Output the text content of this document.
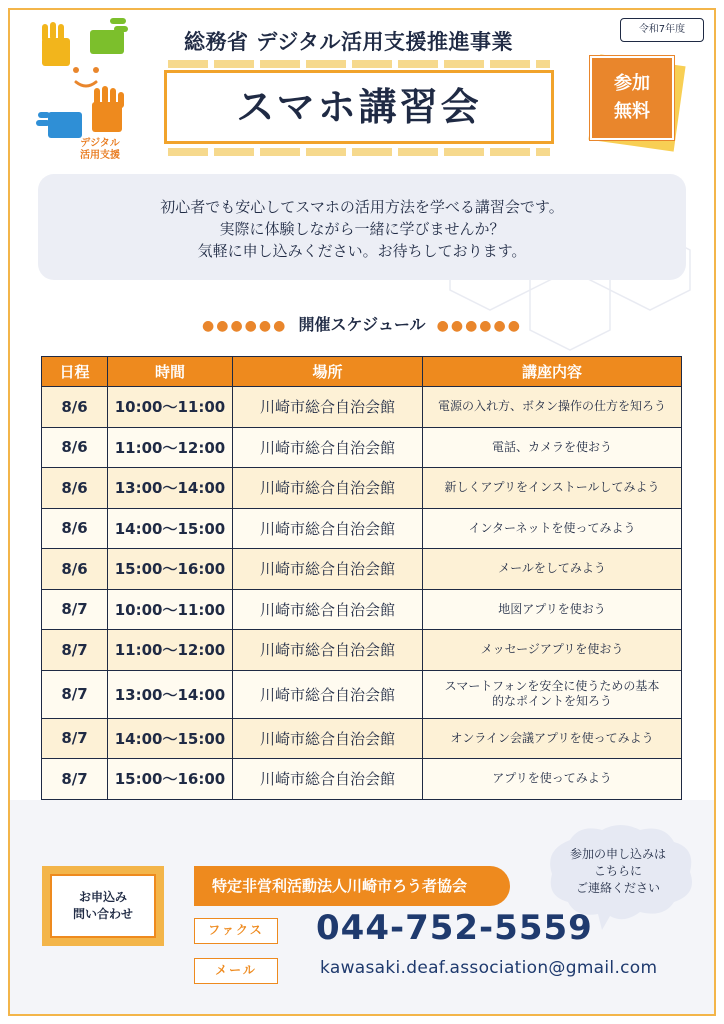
デジタル
活用支援
総務省 デジタル活用支援推進事業
令和7年度
スマホ講習会
参加
無料
初心者でも安心してスマホの活用方法を学べる講習会です。
実際に体験しながら一緒に学びませんか？
気軽に申し込みください。お待ちしております。
●●●●●● 開催スケジュール ●●●●●●
日程	時間	場所	講座内容
8/6	10:00～11:00	川崎市総合自治会館	電源の入れ方、ボタン操作の仕方を知ろう
8/6	11:00～12:00	川崎市総合自治会館	電話、カメラを使おう
8/6	13:00～14:00	川崎市総合自治会館	新しくアプリをインストールしてみよう
8/6	14:00～15:00	川崎市総合自治会館	インターネットを使ってみよう
8/6	15:00～16:00	川崎市総合自治会館	メールをしてみよう
8/7	10:00～11:00	川崎市総合自治会館	地図アプリを使おう
8/7	11:00～12:00	川崎市総合自治会館	メッセージアプリを使おう
8/7	13:00～14:00	川崎市総合自治会館	スマートフォンを安全に使うための基本
的なポイントを知ろう

8/7	14:00～15:00	川崎市総合自治会館	オンライン会議アプリを使ってみよう
8/7	15:00～16:00	川崎市総合自治会館	アプリを使ってみよう
お申込み
問い合わせ
特定非営利活動法人川崎市ろう者協会
ファクス	044-752-5559
メール	kawasaki.deaf.association@gmail.com
参加の申し込みは
こちらに
ご連絡ください
